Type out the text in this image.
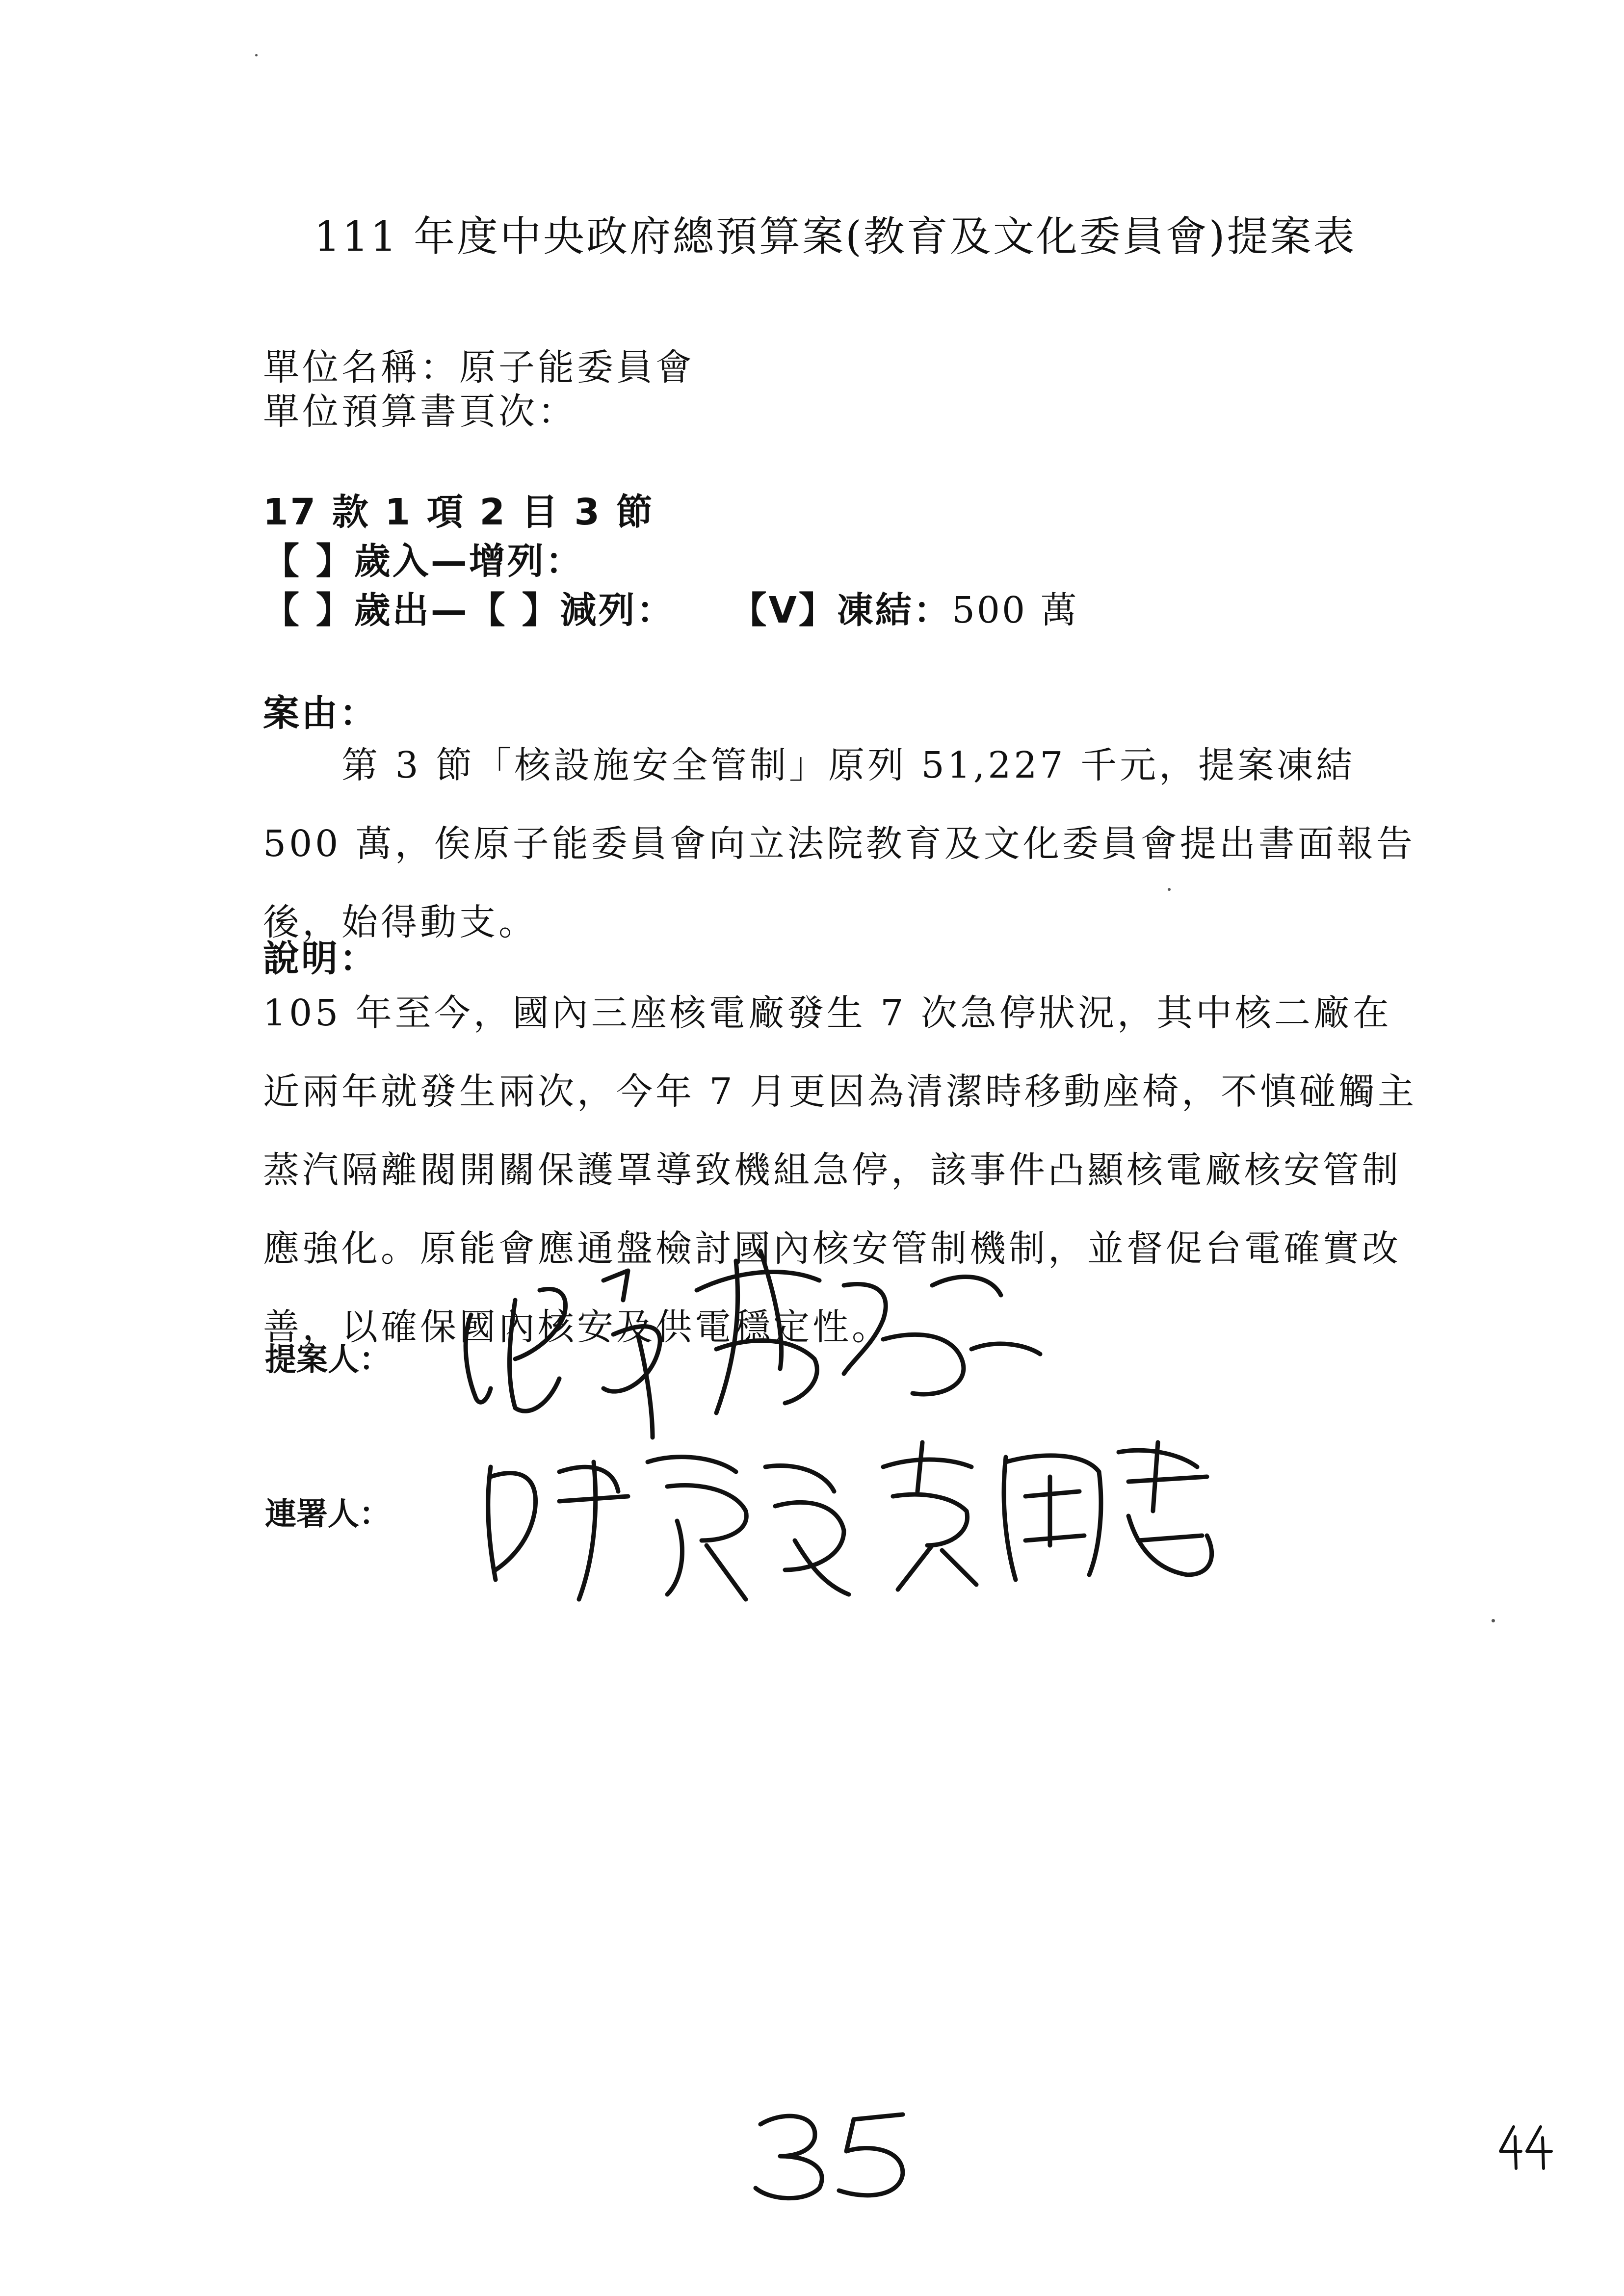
111 年度中央政府總預算案(教育及文化委員會)提案表
單位名稱：原子能委員會
單位預算書頁次：
17 款 1 項 2 目 3 節
【 】歲入—增列：
【 】歲出—【 】減列： 【V】凍結：500 萬
案由：
第 3 節「核設施安全管制」原列 51,227 千元，提案凍結 500 萬，俟原子能委員會向立法院教育及文化委員會提出書面報告後，始得動支。
說明：
105 年至今，國內三座核電廠發生 7 次急停狀況，其中核二廠在近兩年就發生兩次，今年 7 月更因為清潔時移動座椅，不慎碰觸主蒸汽隔離閥開關保護罩導致機組急停，該事件凸顯核電廠核安管制應強化。原能會應通盤檢討國內核安管制機制，並督促台電確實改善，以確保國內核安及供電穩定性。
提案人：
連署人：
